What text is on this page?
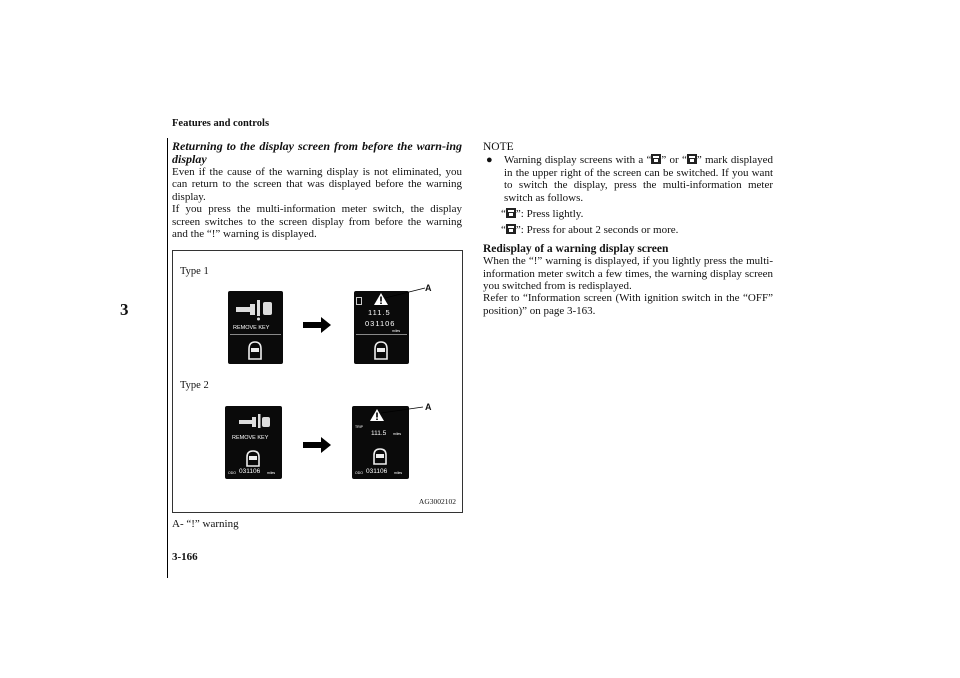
Features and controls
3

Returning to the display screen from before the warn-ing display

Even if the cause of the warning display is not eliminated, you can return to the screen that was displayed before the warning display.

If you press the multi-information meter switch, the display screen switches to the screen display from before the warning and the “!” warning is displayed.

Type 1
Type 2
REMOVE KEY
111.5
031106
miles
A
REMOVE KEY
ODO 031106 miles
TRIP
111.5 miles
ODO 031106 miles
A
AG3002102
A- “!” warning

NOTE

●	Warning display screens with a “ ” or “ ” mark displayed in the upper right of the screen can be switched. If you want to switch the display, press the multi-information meter switch as follows.

“ ”: Press lightly.

“ ”: Press for about 2 seconds or more.

Redisplay of a warning display screen

When the “!” warning is displayed, if you lightly press the multi-information meter switch a few times, the warning display screen you switched from is redisplayed.

Refer to “Information screen (With ignition switch in the “OFF” position)” on page 3-163.

3-166
